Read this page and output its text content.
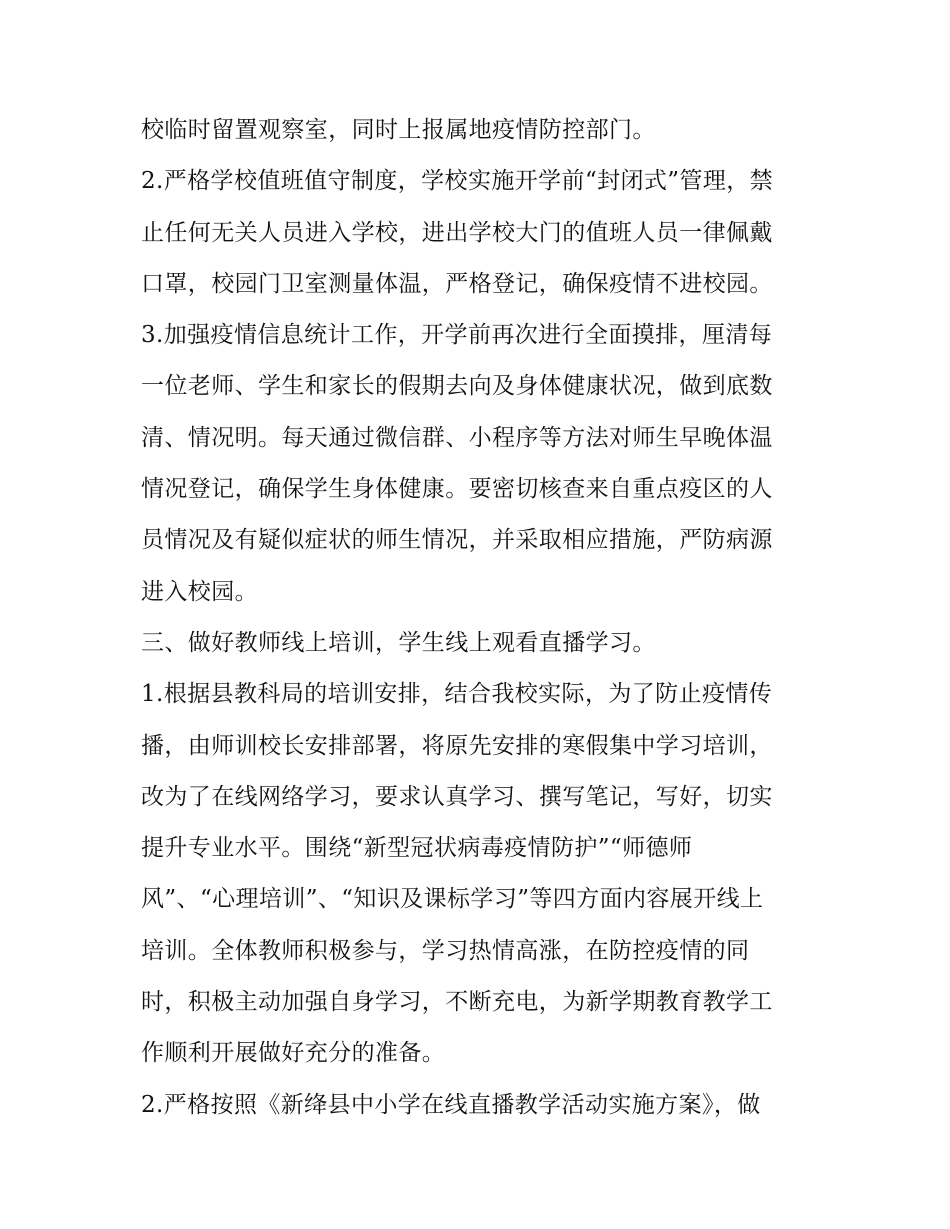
校临时留置观察室，同时上报属地疫情防控部门。
2.严格学校值班值守制度，学校实施开学前“封闭式”管理，禁
止任何无关人员进入学校，进出学校大门的值班人员一律佩戴
口罩，校园门卫室测量体温，严格登记，确保疫情不进校园。
3.加强疫情信息统计工作，开学前再次进行全面摸排，厘清每
一位老师、学生和家长的假期去向及身体健康状况，做到底数
清、情况明。每天通过微信群、小程序等方法对师生早晚体温
情况登记，确保学生身体健康。要密切核查来自重点疫区的人
员情况及有疑似症状的师生情况，并采取相应措施，严防病源
进入校园。
三、做好教师线上培训，学生线上观看直播学习。
1.根据县教科局的培训安排，结合我校实际，为了防止疫情传
播，由师训校长安排部署，将原先安排的寒假集中学习培训，
改为了在线网络学习，要求认真学习、撰写笔记，写好，切实
提升专业水平。围绕“新型冠状病毒疫情防护”“师德师
风”、“心理培训”、“知识及课标学习”等四方面内容展开线上
培训。全体教师积极参与，学习热情高涨，在防控疫情的同
时，积极主动加强自身学习，不断充电，为新学期教育教学工
作顺利开展做好充分的准备。
2.严格按照《新绛县中小学在线直播教学活动实施方案》，做
